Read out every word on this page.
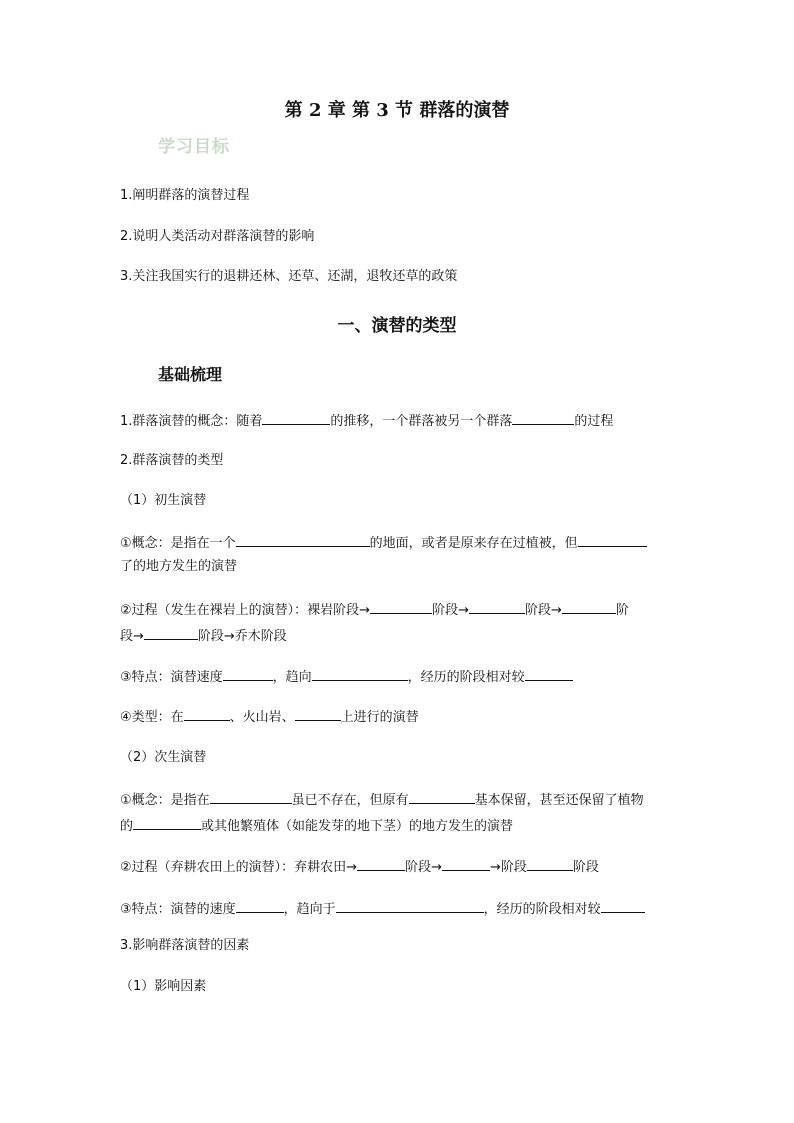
第 2 章 第 3 节 群落的演替
学习目标
1.阐明群落的演替过程
2.说明人类活动对群落演替的影响
3.关注我国实行的退耕还林、还草、还湖，退牧还草的政策
一、演替的类型
基础梳理
1.群落演替的概念：随着	的推移，一个群落被另一个群落	的过程
2.群落演替的类型
（1）初生演替
①概念：是指在一个	的地面，或者是原来存在过植被，但
了的地方发生的演替
②过程（发生在裸岩上的演替）：裸岩阶段→	阶段→	阶段→	阶
段→	阶段→乔木阶段
③特点：演替速度	，趋向	，经历的阶段相对较
④类型：在	、火山岩、	上进行的演替
（2）次生演替
①概念：是指在	虽已不存在，但原有	基本保留，甚至还保留了植物
的	或其他繁殖体（如能发芽的地下茎）的地方发生的演替
②过程（弃耕农田上的演替）：弃耕农田→	阶段→	→阶段	阶段
③特点：演替的速度	，趋向于	，经历的阶段相对较
3.影响群落演替的因素
（1）影响因素
